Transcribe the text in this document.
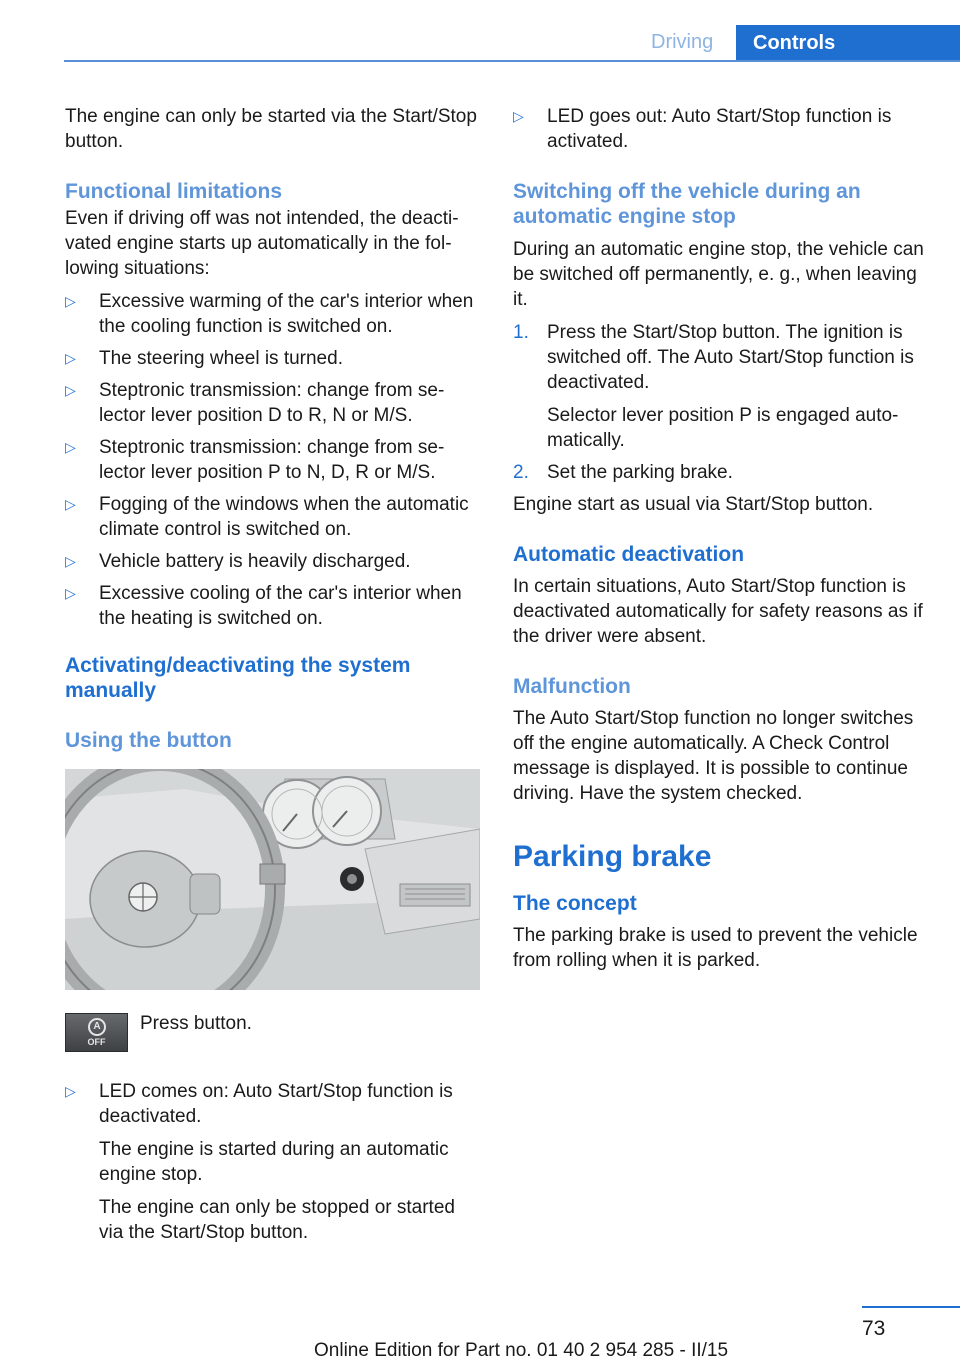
Driving	Controls

The engine can only be started via the Start/​Stop button.

Functional limitations

Even if driving off was not intended, the deactivated engine starts up automatically in the following situations:

▷ Excessive warming of the car's interior when the cooling function is switched on.
▷ The steering wheel is turned.
▷ Steptronic transmission: change from selector lever position D to R, N or M/S.
▷ Steptronic transmission: change from selector lever position P to N, D, R or M/S.
▷ Fogging of the windows when the automatic climate control is switched on.
▷ Vehicle battery is heavily discharged.
▷ Excessive cooling of the car's interior when the heating is switched on.

Activating/deactivating the system manually

Using the button

A
OFF

Press button.

▷ LED comes on: Auto Start/Stop function is deactivated.

The engine is started during an automatic engine stop.

The engine can only be stopped or started via the Start/Stop button.

▷ LED goes out: Auto Start/Stop function is activated.

Switching off the vehicle during an automatic engine stop

During an automatic engine stop, the vehicle can be switched off permanently, e. g., when leaving it.

1. Press the Start/Stop button. The ignition is switched off. The Auto Start/Stop function is deactivated.

Selector lever position P is engaged automatically.

2. Set the parking brake.

Engine start as usual via Start/Stop button.

Automatic deactivation

In certain situations, Auto Start/Stop function is deactivated automatically for safety reasons as if the driver were absent.

Malfunction

The Auto Start/Stop function no longer switches off the engine automatically. A Check Control message is displayed. It is possible to continue driving. Have the system checked.

Parking brake

The concept

The parking brake is used to prevent the vehicle from rolling when it is parked.

73
Online Edition for Part no. 01 40 2 954 285 - II/15
